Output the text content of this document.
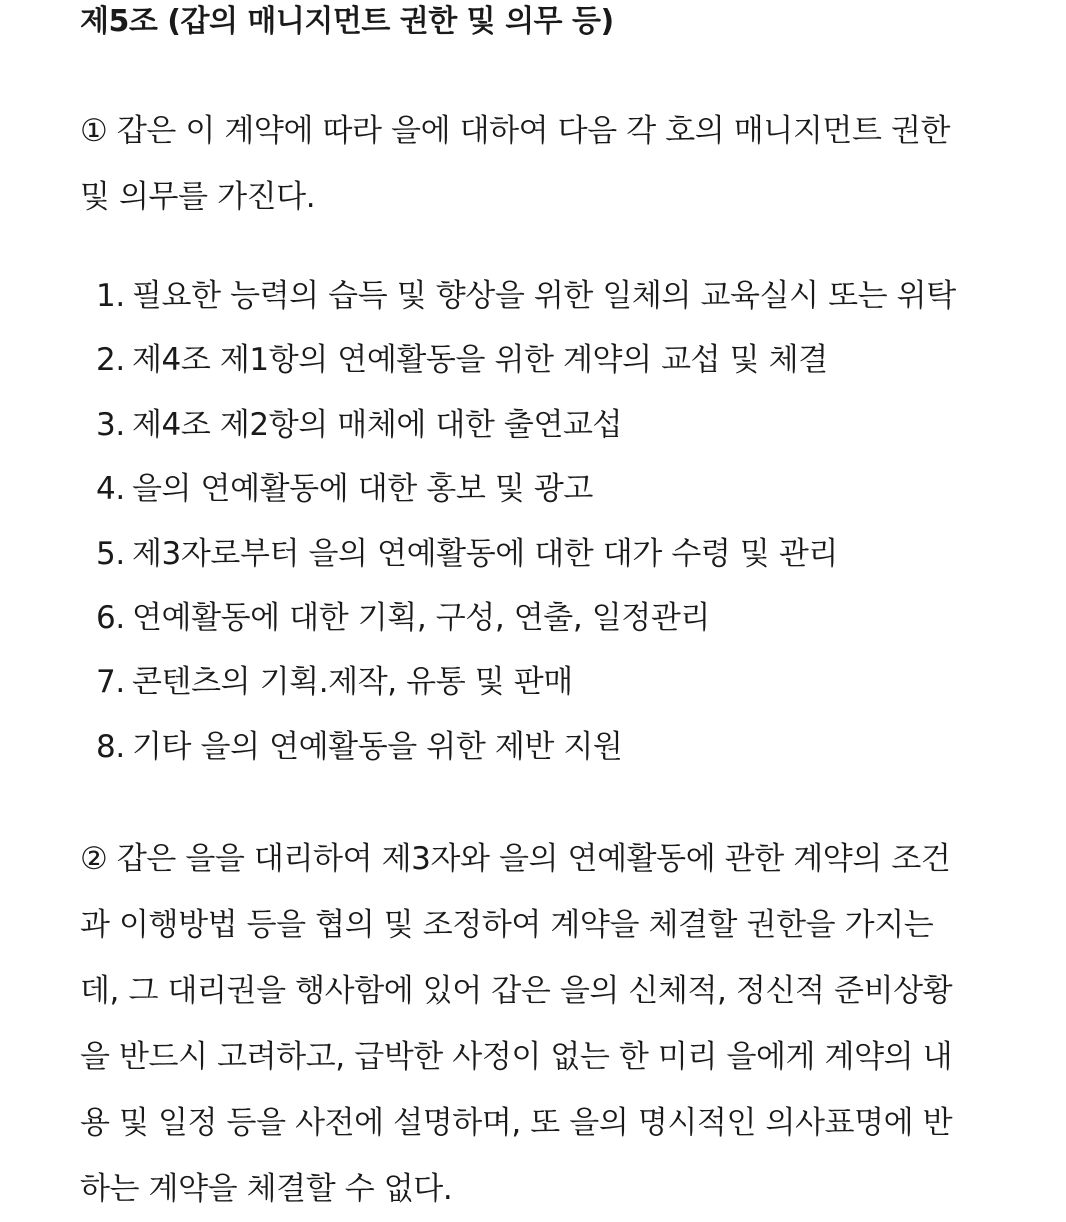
제5조 (갑의 매니지먼트 권한 및 의무 등)
① 갑은 이 계약에 따라 을에 대하여 다음 각 호의 매니지먼트 권한
및 의무를 가진다.
1. 필요한 능력의 습득 및 향상을 위한 일체의 교육실시 또는 위탁
2. 제4조 제1항의 연예활동을 위한 계약의 교섭 및 체결
3. 제4조 제2항의 매체에 대한 출연교섭
4. 을의 연예활동에 대한 홍보 및 광고
5. 제3자로부터 을의 연예활동에 대한 대가 수령 및 관리
6. 연예활동에 대한 기획, 구성, 연출, 일정관리
7. 콘텐츠의 기획.제작, 유통 및 판매
8. 기타 을의 연예활동을 위한 제반 지원
② 갑은 을을 대리하여 제3자와 을의 연예활동에 관한 계약의 조건
과 이행방법 등을 협의 및 조정하여 계약을 체결할 권한을 가지는
데, 그 대리권을 행사함에 있어 갑은 을의 신체적, 정신적 준비상황
을 반드시 고려하고, 급박한 사정이 없는 한 미리 을에게 계약의 내
용 및 일정 등을 사전에 설명하며, 또 을의 명시적인 의사표명에 반
하는 계약을 체결할 수 없다.
